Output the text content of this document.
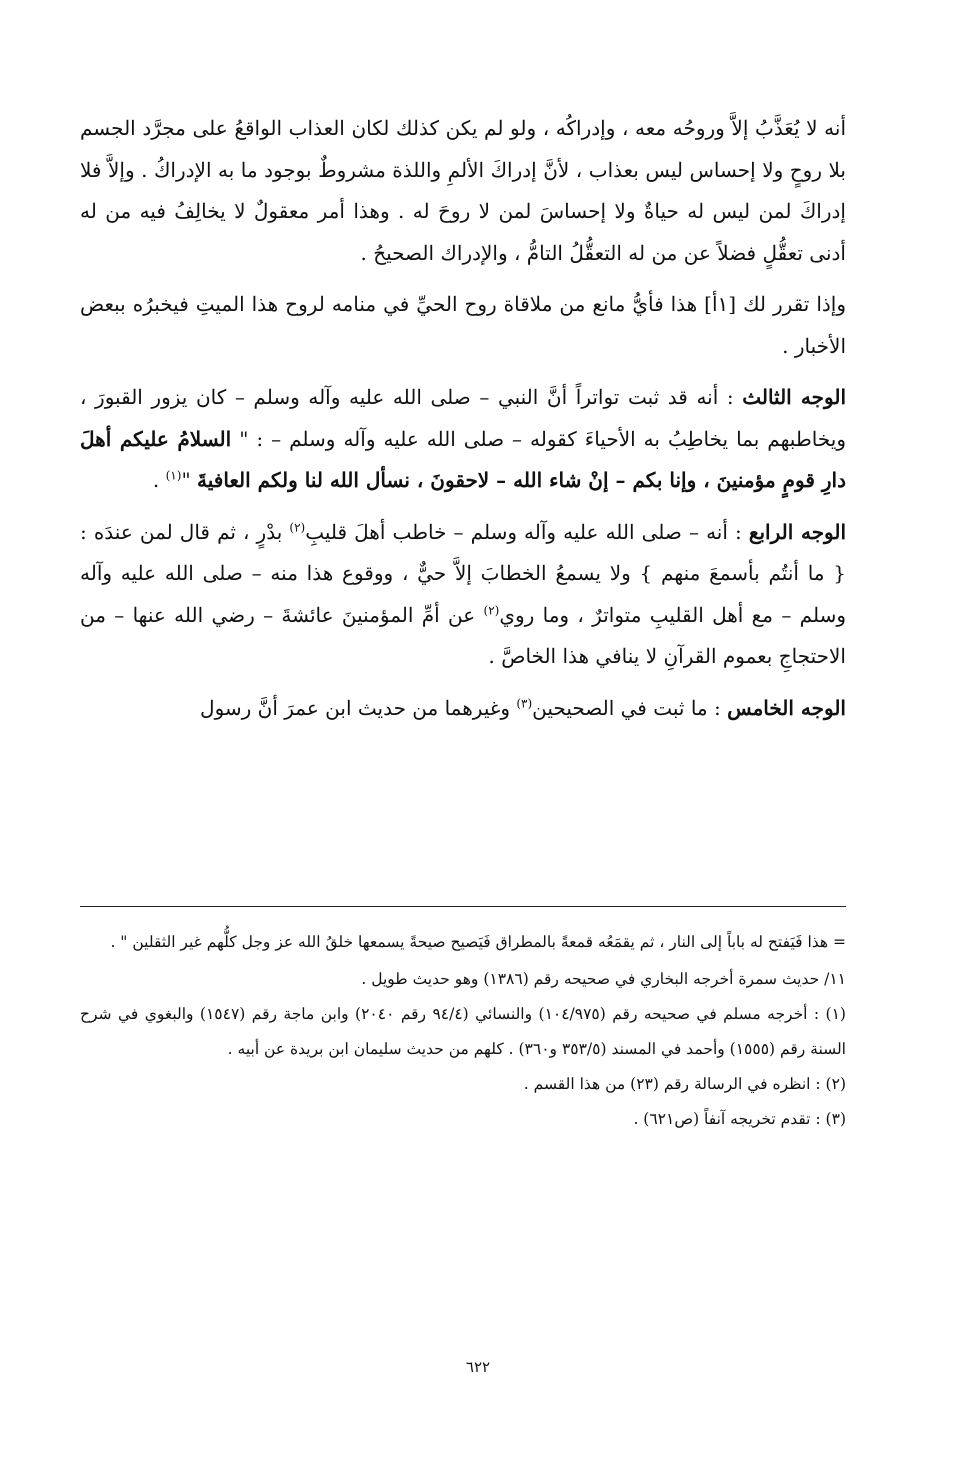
أنه لا يُعَذَّبُ إلاَّ وروحُه معه ، وإدراكُه ، ولو لم يكن كذلك لكان العذاب الواقعُ على مجرَّد الجسم بلا روحٍ ولا إحساس ليس بعذاب ، لأنَّ إدراكَ الألمِ واللذة مشروطٌ بوجود ما به الإدراكُ . وإلاَّ فلا إدراكَ لمن ليس له حياةٌ ولا إحساسَ لمن لا روحَ له . وهذا أمر معقولٌ لا يخالِفُ فيه من له أدنى تعقُّلٍ فضلاً عن من له التعقُّلُ التامُّ ، والإدراك الصحيحُ .

وإذا تقرر لك [١أ] هذا فأيُّ مانع من ملاقاة روح الحيِّ في منامه لروح هذا الميتِ فيخبرُه ببعض الأخبار .

الوجه الثالث : أنه قد ثبت تواتراً أنَّ النبي – صلى الله عليه وآله وسلم – كان يزور القبورَ ، ويخاطبهم بما يخاطِبُ به الأحياءَ كقوله – صلى الله عليه وآله وسلم – : " السلامُ عليكم أهلَ دارِ قومٍ مؤمنينَ ، وإنا بكم – إنْ شاء الله – لاحقونَ ، نسأل الله لنا ولكم العافيةَ "$^{(١)}$ .

الوجه الرابع : أنه – صلى الله عليه وآله وسلم – خاطب أهلَ قليبِ$^{(٢)}$ بدْرٍ ، ثم قال لمن عندَه : { ما أنتُم بأسمعَ منهم } ولا يسمعُ الخطابَ إلاَّ حيٌّ ، ووقوع هذا منه – صلى الله عليه وآله وسلم – مع أهل القليبِ متواترٌ ، وما روي$^{(٢)}$ عن أمِّ المؤمنينَ عائشةَ – رضي الله عنها – من الاحتجاجِ بعموم القرآنِ لا ينافي هذا الخاصَّ .

الوجه الخامس : ما ثبت في الصحيحين$^{(٣)}$ وغيرهما من حديث ابن عمرَ أنَّ رسول

= هذا فَيَفتح له باباً إلى النار ، ثم يقمَعُه قمعةً بالمطراق فَيَصيح صيحةً يسمعها خلقُ الله عز وجل كلُّهم غير الثقلين " .

١١/ حديث سمرة أخرجه البخاري في صحيحه رقم (١٣٨٦) وهو حديث طويل .

(١) : أخرجه مسلم في صحيحه رقم (١٠٤/٩٧٥) والنسائي (٩٤/٤ رقم ٢٠٤٠) وابن ماجة رقم (١٥٤٧) والبغوي في شرح السنة رقم (١٥٥٥) وأحمد في المسند (٣٥٣/٥ و٣٦٠) . كلهم من حديث سليمان ابن بريدة عن أبيه .

(٢) : انظره في الرسالة رقم (٢٣) من هذا القسم .

(٣) : تقدم تخريجه آنفاً (ص٦٢١) .

٦٢٢
